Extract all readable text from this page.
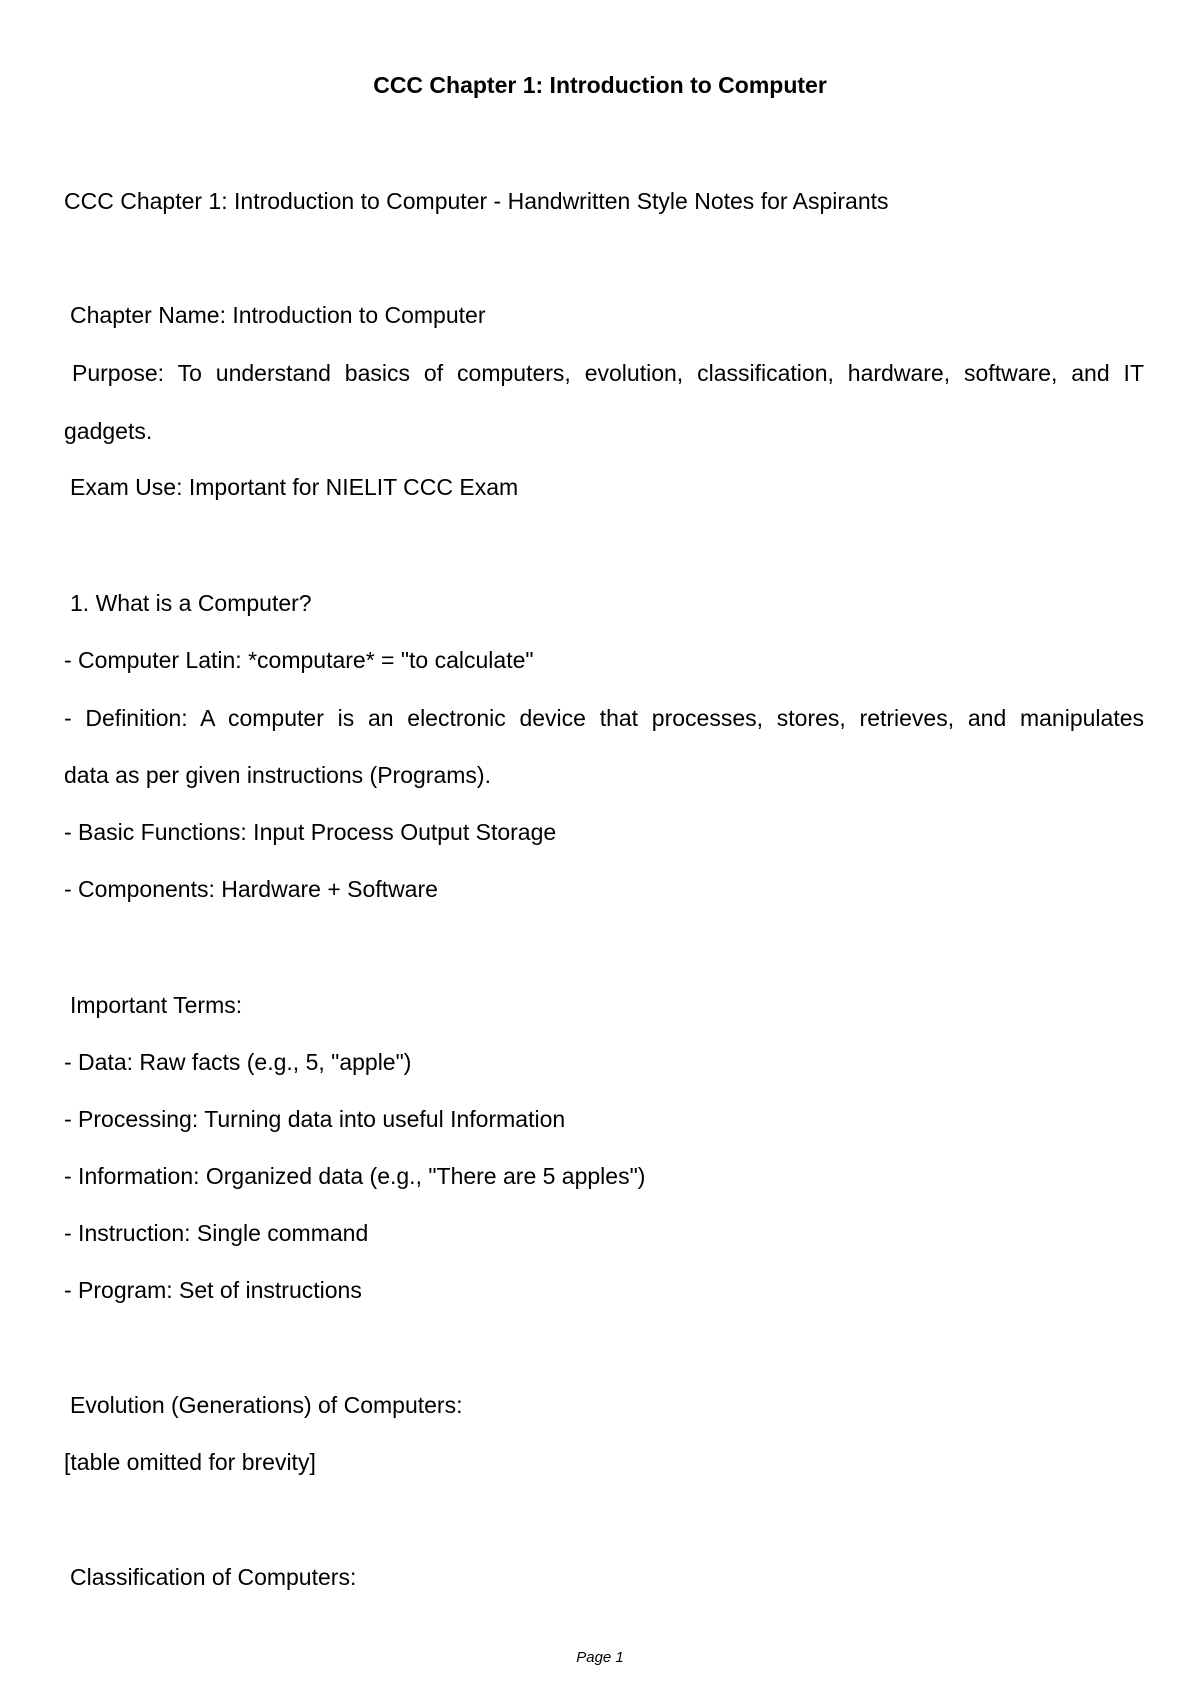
CCC Chapter 1: Introduction to Computer
CCC Chapter 1: Introduction to Computer - Handwritten Style Notes for Aspirants
Chapter Name: Introduction to Computer
Purpose: To understand basics of computers, evolution, classification, hardware, software, and IT
gadgets.
Exam Use: Important for NIELIT CCC Exam
1. What is a Computer?
- Computer Latin: *computare* = "to calculate"
- Definition: A computer is an electronic device that processes, stores, retrieves, and manipulates
data as per given instructions (Programs).
- Basic Functions: Input Process Output Storage
- Components: Hardware + Software
Important Terms:
- Data: Raw facts (e.g., 5, "apple")
- Processing: Turning data into useful Information
- Information: Organized data (e.g., "There are 5 apples")
- Instruction: Single command
- Program: Set of instructions
Evolution (Generations) of Computers:
[table omitted for brevity]
Classification of Computers:
Page 1
